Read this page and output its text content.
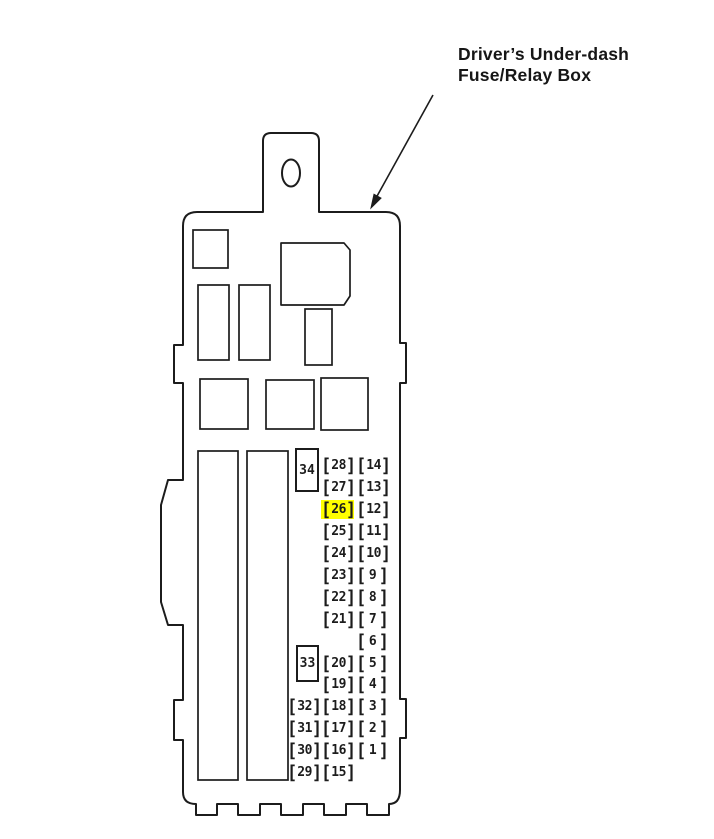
Driver’s Under-dash
Fuse/Relay Box
34
33
[ 28 ] [ 14 ]
[ 27 ] [ 13 ]
[ 26 ] [ 12 ]
[ 25 ] [ 11 ]
[ 24 ] [ 10 ]
[ 23 ] [ 9 ]
[ 22 ] [ 8 ]
[ 21 ] [ 7 ]
[ 6 ]
[ 20 ] [ 5 ]
[ 19 ] [ 4 ]
[ 32 ]
[ 18 ] [ 3 ]
[ 31 ]
[ 17 ] [ 2 ]
[ 30 ]
[ 16 ] [ 1 ]
[ 29 ]
[ 15 ]
